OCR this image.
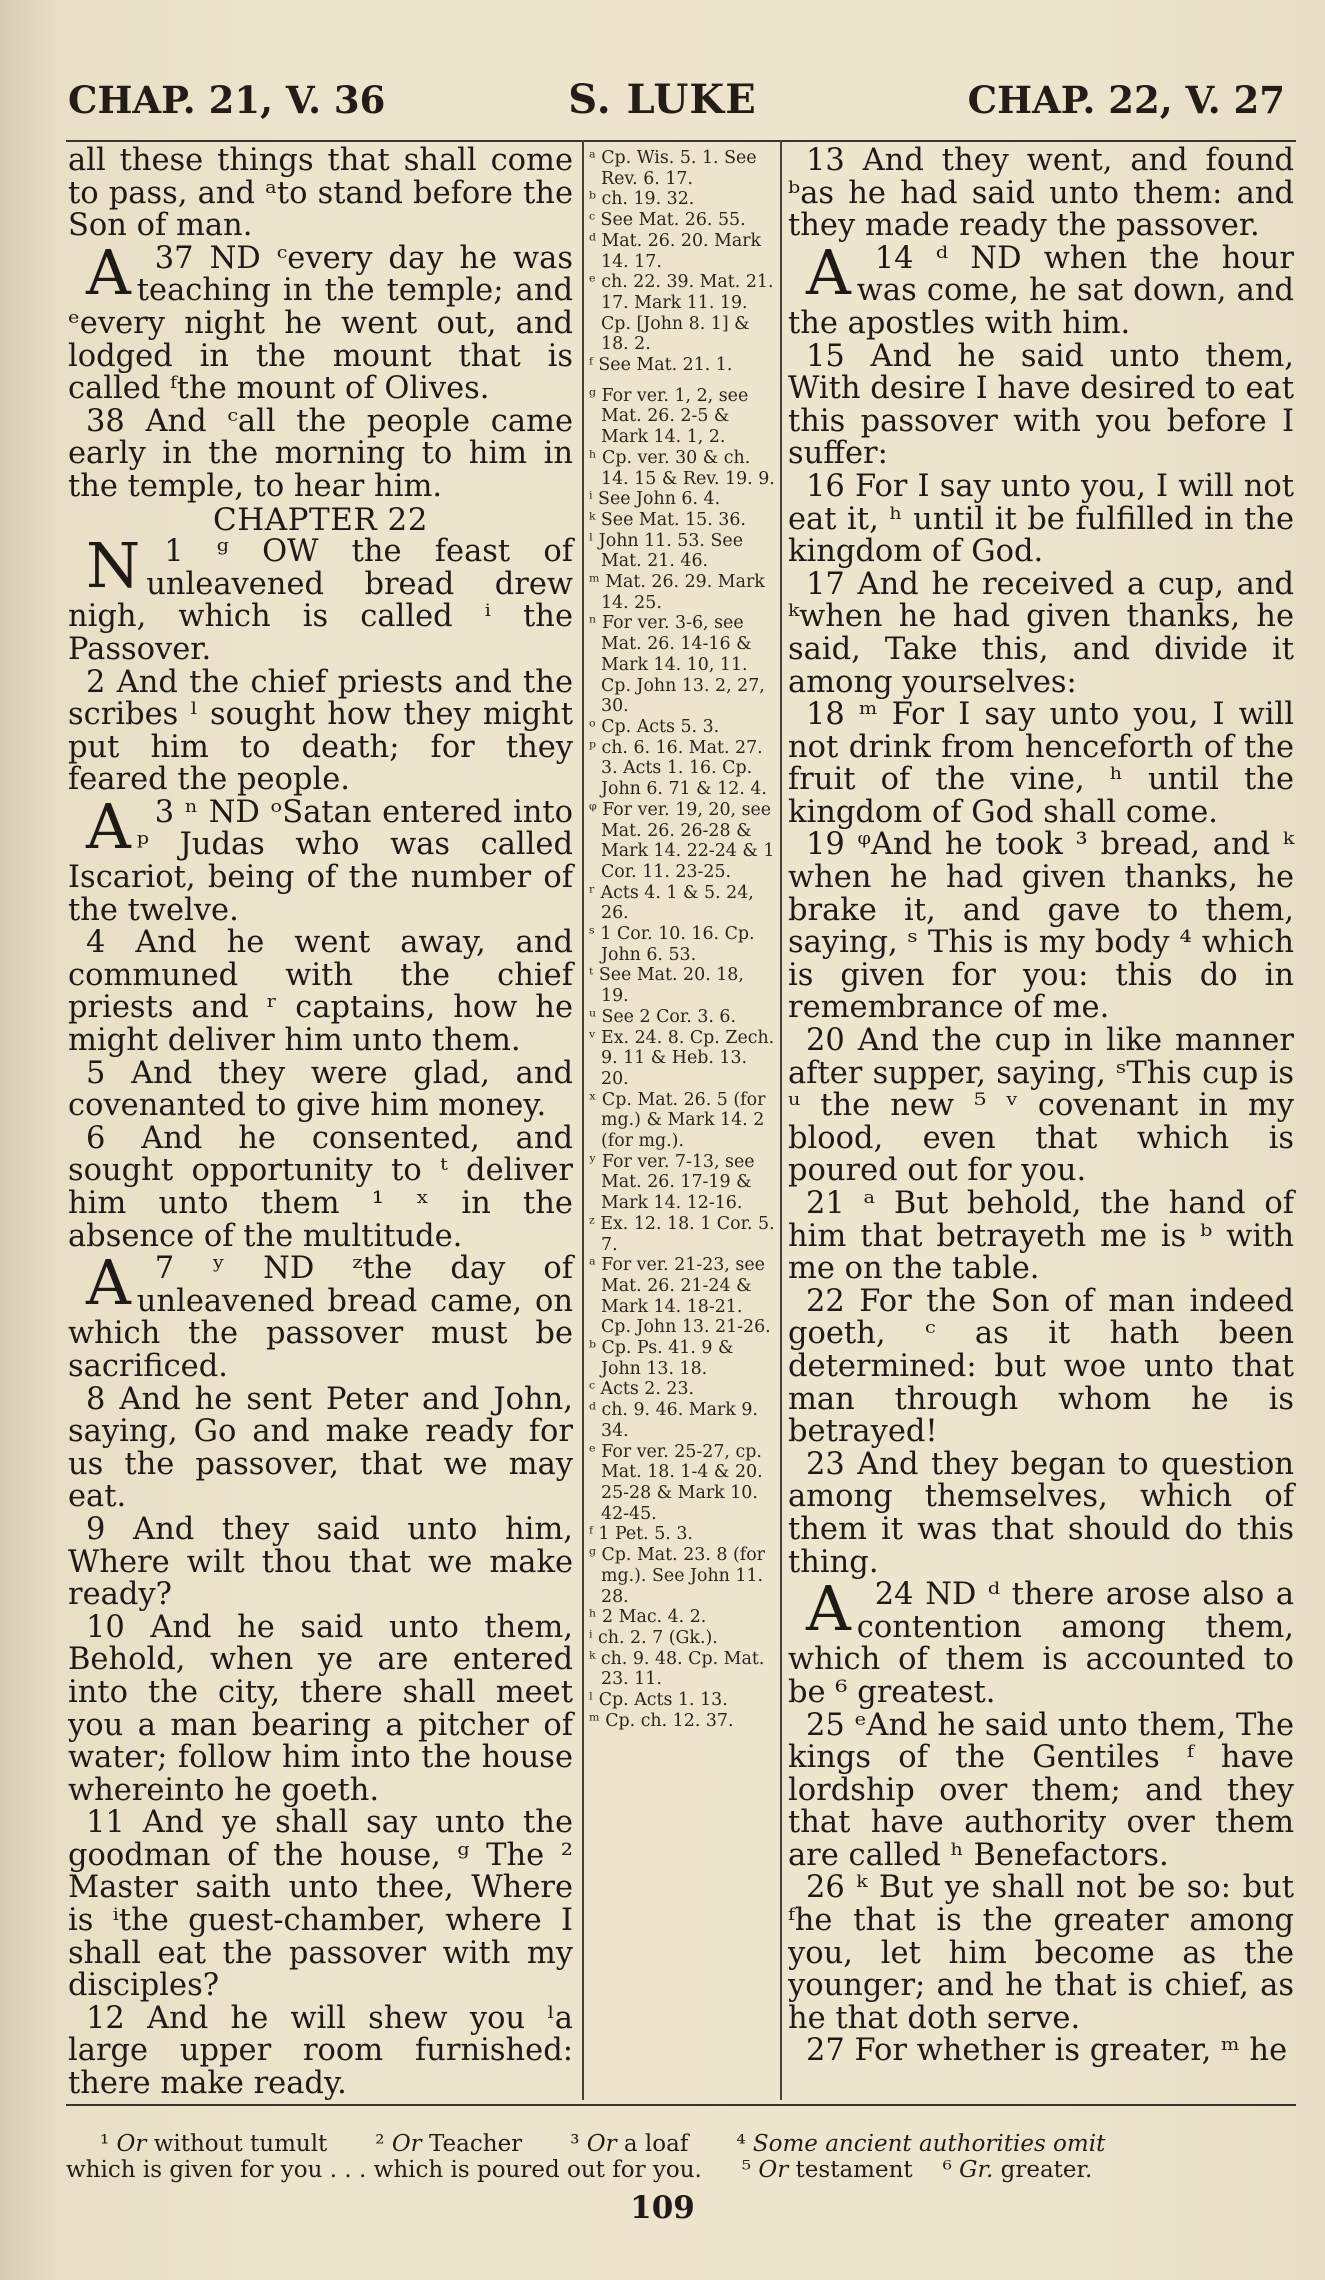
CHAP. 21, V. 36	S. LUKE	CHAP. 22, V. 27

all these things that shall come to pass, and ᵃto stand before the Son of man.

37
A	ND ᶜevery day he was teaching in the temple; and ᵉevery night he went out, and lodged in the mount that is called ᶠthe mount of Olives.

38 And ᶜall the people came early in the morning to him in the temple, to hear him.

CHAPTER 22

1 ᵍ
N	OW the feast of unleavened bread drew nigh, which is called ⁱ the Passover.

2 And the chief priests and the scribes ˡ sought how they might put him to death; for they feared the people.

3 ⁿ
A	ND ᵒSatan entered into ᵖ Judas who was called Iscariot, being of the number of the twelve.

4 And he went away, and communed with the chief priests and ʳ captains, how he might deliver him unto them.

5 And they were glad, and covenanted to give him money.

6 And he consented, and sought opportunity to ᵗ deliver him unto them ¹ ˣ in the absence of the multitude.

7 ʸ
A	ND ᶻthe day of unleavened bread came, on which the passover must be sacrificed.

8 And he sent Peter and John, saying, Go and make ready for us the passover, that we may eat.

9 And they said unto him, Where wilt thou that we make ready?

10 And he said unto them, Behold, when ye are entered into the city, there shall meet you a man bearing a pitcher of water; follow him into the house whereinto he goeth.

11 And ye shall say unto the goodman of the house, ᵍ The ² Master saith unto thee, Where is ⁱthe guest-chamber, where I shall eat the passover with my disciples?

12 And he will shew you ˡa large upper room furnished: there make ready.

ᵃ Cp. Wis. 5. 1. See Rev. 6. 17.

ᵇ ch. 19. 32.

ᶜ See Mat. 26. 55.

ᵈ Mat. 26. 20. Mark 14. 17.

ᵉ ch. 22. 39. Mat. 21. 17. Mark 11. 19. Cp. [John 8. 1] & 18. 2.

ᶠ See Mat. 21. 1.

ᵍ For ver. 1, 2, see Mat. 26. 2-5 & Mark 14. 1, 2.

ʰ Cp. ver. 30 & ch. 14. 15 & Rev. 19. 9.

ⁱ See John 6. 4.

ᵏ See Mat. 15. 36.

ˡ John 11. 53. See Mat. 21. 46.

ᵐ Mat. 26. 29. Mark 14. 25.

ⁿ For ver. 3-6, see Mat. 26. 14-16 & Mark 14. 10, 11. Cp. John 13. 2, 27, 30.

ᵒ Cp. Acts 5. 3.

ᵖ ch. 6. 16. Mat. 27. 3. Acts 1. 16. Cp. John 6. 71 & 12. 4.

ᵠ For ver. 19, 20, see Mat. 26. 26-28 & Mark 14. 22-24 & 1 Cor. 11. 23-25.

ʳ Acts 4. 1 & 5. 24, 26.

ˢ 1 Cor. 10. 16. Cp. John 6. 53.

ᵗ See Mat. 20. 18, 19.

ᵘ See 2 Cor. 3. 6.

ᵛ Ex. 24. 8. Cp. Zech. 9. 11 & Heb. 13. 20.

ˣ Cp. Mat. 26. 5 (for mg.) & Mark 14. 2 (for mg.).

ʸ For ver. 7-13, see Mat. 26. 17-19 & Mark 14. 12-16.

ᶻ Ex. 12. 18. 1 Cor. 5. 7.

ᵃ For ver. 21-23, see Mat. 26. 21-24 & Mark 14. 18-21. Cp. John 13. 21-26.

ᵇ Cp. Ps. 41. 9 & John 13. 18.

ᶜ Acts 2. 23.

ᵈ ch. 9. 46. Mark 9. 34.

ᵉ For ver. 25-27, cp. Mat. 18. 1-4 & 20. 25-28 & Mark 10. 42-45.

ᶠ 1 Pet. 5. 3.

ᵍ Cp. Mat. 23. 8 (for mg.). See John 11. 28.

ʰ 2 Mac. 4. 2.

ⁱ ch. 2. 7 (Gk.).

ᵏ ch. 9. 48. Cp. Mat. 23. 11.

ˡ Cp. Acts 1. 13.

ᵐ Cp. ch. 12. 37.

13 And they went, and found ᵇas he had said unto them: and they made ready the passover.

14 ᵈ
A	ND when the hour was come, he sat down, and the apostles with him.

15 And he said unto them, With desire I have desired to eat this passover with you before I suffer:

16 For I say unto you, I will not eat it, ʰ until it be fulfilled in the kingdom of God.

17 And he received a cup, and ᵏwhen he had given thanks, he said, Take this, and divide it among yourselves:

18 ᵐ For I say unto you, I will not drink from henceforth of the fruit of the vine, ʰ until the kingdom of God shall come.

19 ᵠAnd he took ³ bread, and ᵏ when he had given thanks, he brake it, and gave to them, saying, ˢ This is my body ⁴ which is given for you: this do in remembrance of me.

20 And the cup in like manner after supper, saying, ˢThis cup is ᵘ the new ⁵ ᵛ covenant in my blood, even that which is poured out for you.

21 ᵃ But behold, the hand of him that betrayeth me is ᵇ with me on the table.

22 For the Son of man indeed goeth, ᶜ as it hath been determined: but woe unto that man through whom he is betrayed!

23 And they began to question among themselves, which of them it was that should do this thing.

24
A ND ᵈ there arose also a contention among them, which of them is accounted to be ⁶ greatest.

25 ᵉAnd he said unto them, The kings of the Gentiles ᶠ have lordship over them; and they that have authority over them are called ʰ Benefactors.

26 ᵏ But ye shall not be so: but ᶠhe that is the greater among you, let him become as the younger; and he that is chief, as he that doth serve.

27 For whether is greater, ᵐ he

¹ Or without tumult ² Or Teacher ³ Or a loaf ⁴ Some ancient authorities omit
which is given for you . . . which is poured out for you. ⁵ Or testament ⁶ Gr. greater.
109
